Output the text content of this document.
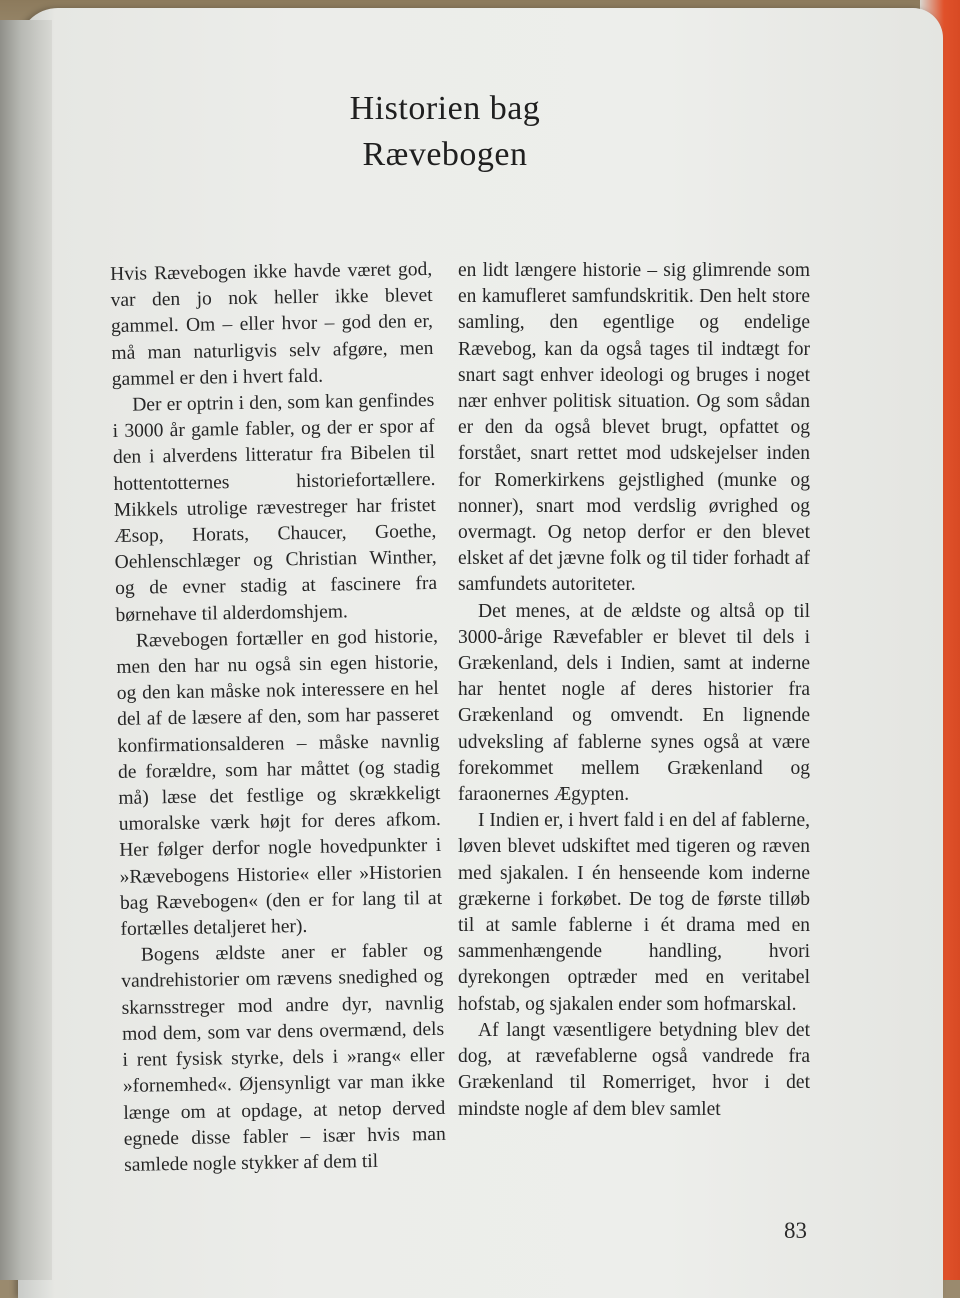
Historien bag
Rævebogen

Hvis Rævebogen ikke havde været god, var den jo nok heller ikke blevet gammel. Om – eller hvor – god den er, må man naturligvis selv afgøre, men gammel er den i hvert fald.

Der er optrin i den, som kan genfindes i 3000 år gamle fabler, og der er spor af den i alverdens litteratur fra Bibelen til hottentotternes historiefortællere. Mikkels utrolige rævestreger har fristet Æsop, Horats, Chaucer, Goethe, Oehlenschlæger og Christian Winther, og de evner stadig at fascinere fra børnehave til alderdomshjem.

Rævebogen fortæller en god historie, men den har nu også sin egen historie, og den kan måske nok interessere en hel del af de læsere af den, som har passeret konfirmationsalderen – måske navnlig de forældre, som har måttet (og stadig må) læse det festlige og skrækkeligt umoralske værk højt for deres afkom. Her følger derfor nogle hovedpunkter i »Rævebogens Historie« eller »Historien bag Rævebogen« (den er for lang til at fortælles detaljeret her).

Bogens ældste aner er fabler og vandrehistorier om rævens snedighed og skarnsstreger mod andre dyr, navnlig mod dem, som var dens overmænd, dels i rent fysisk styrke, dels i »rang« eller »fornemhed«. Øjensynligt var man ikke længe om at opdage, at netop derved egnede disse fabler – især hvis man samlede nogle stykker af dem til

en lidt længere historie – sig glimrende som en kamufleret samfundskritik. Den helt store samling, den egentlige og endelige Rævebog, kan da også tages til indtægt for snart sagt enhver ideologi og bruges i noget nær enhver politisk situation. Og som sådan er den da også blevet brugt, opfattet og forstået, snart rettet mod udskejelser inden for Romerkirkens gejstlighed (munke og nonner), snart mod verdslig øvrighed og overmagt. Og netop derfor er den blevet elsket af det jævne folk og til tider forhadt af samfundets autoriteter.

Det menes, at de ældste og altså op til 3000-årige Rævefabler er blevet til dels i Grækenland, dels i Indien, samt at inderne har hentet nogle af deres historier fra Grækenland og omvendt. En lignende udveksling af fablerne synes også at være forekommet mellem Grækenland og faraonernes Ægypten.

I Indien er, i hvert fald i en del af fablerne, løven blevet udskiftet med tigeren og ræven med sjakalen. I én henseende kom inderne grækerne i forkøbet. De tog de første tilløb til at samle fablerne i ét drama med en sammenhængende handling, hvori dyrekongen optræder med en veritabel hofstab, og sjakalen ender som hofmarskal.

Af langt væsentligere betydning blev det dog, at rævefablerne også vandrede fra Grækenland til Romerriget, hvor i det mindste nogle af dem blev samlet

83
